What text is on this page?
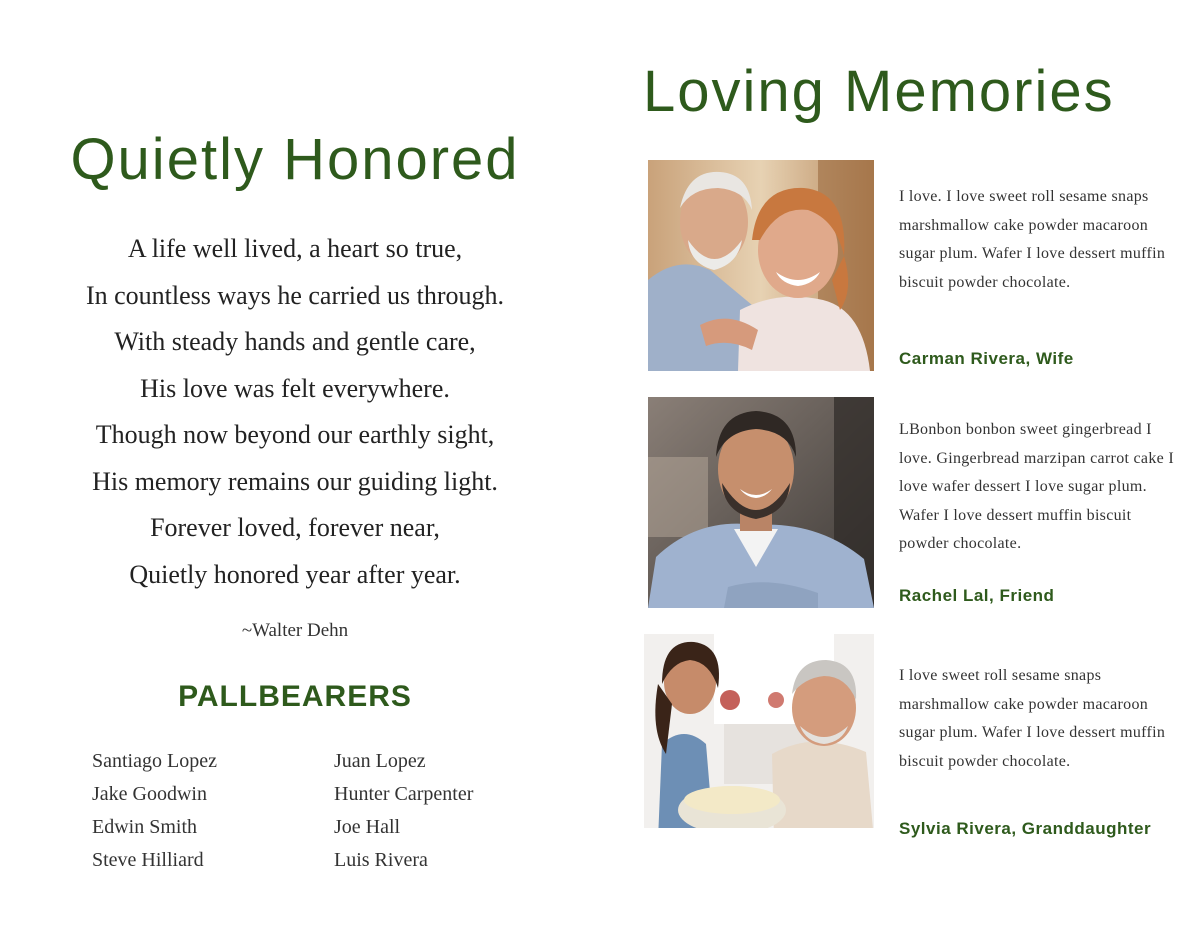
Quietly Honored
A life well lived, a heart so true,
In countless ways he carried us through.
With steady hands and gentle care,
His love was felt everywhere.
Though now beyond our earthly sight,
His memory remains our guiding light.
Forever loved, forever near,
Quietly honored year after year.
~Walter Dehn
PALLBEARERS
Santiago Lopez
Jake Goodwin
Edwin Smith
Steve Hilliard
Juan Lopez
Hunter Carpenter
Joe Hall
Luis Rivera
Loving Memories
I love. I love sweet roll sesame snaps marshmallow cake powder macaroon sugar plum. Wafer I love dessert muffin biscuit powder chocolate.
Carman Rivera, Wife
LBonbon bonbon sweet gingerbread I love. Gingerbread marzipan carrot cake I love wafer dessert I love sugar plum. Wafer I love dessert muffin biscuit powder chocolate.
Rachel Lal, Friend
I love sweet roll sesame snaps marshmallow cake powder macaroon sugar plum. Wafer I love dessert muffin biscuit powder chocolate.
Sylvia Rivera, Granddaughter
